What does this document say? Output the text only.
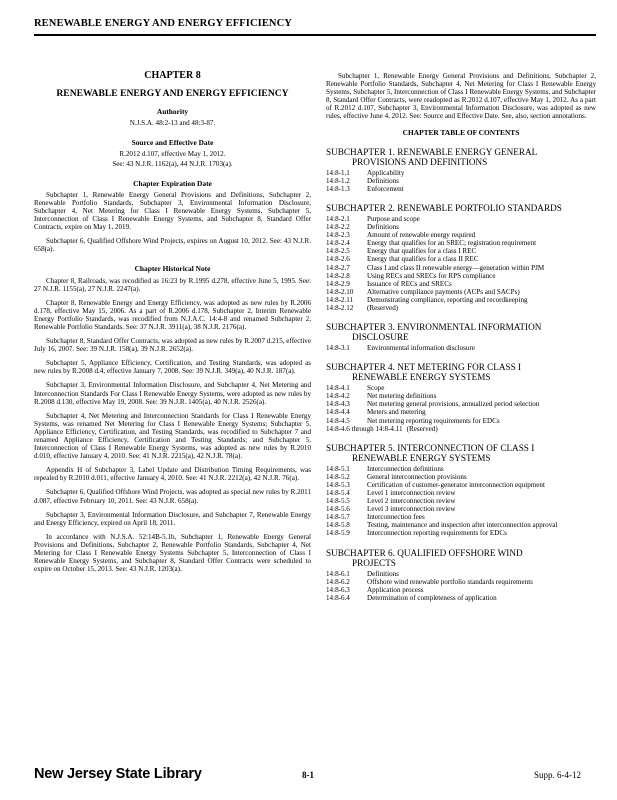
RENEWABLE ENERGY AND ENERGY EFFICIENCY
CHAPTER 8
RENEWABLE ENERGY AND ENERGY EFFICIENCY
Authority
N.J.S.A. 48:2-13 and 48:3-87.
Source and Effective Date
R.2012 d.107, effective May 1, 2012.
See: 43 N.J.R. 1162(a), 44 N.J.R. 1703(a).
Chapter Expiration Date

Subchapter 1, Renewable Energy General Provisions and Definitions, Subchapter 2, Renewable Portfolio Standards, Subchapter 3, Environmental Information Disclosure, Subchapter 4, Net Metering for Class I Renewable Energy Systems, Subchapter 5, Interconnection of Class I Renewable Energy Systems, and Subchapter 8, Standard Offer Contracts, expire on May 1, 2019.

Subchapter 6, Qualified Offshore Wind Projects, expires on August 10, 2012. See: 43 N.J.R. 658(a).

Chapter Historical Note

Chapter 8, Railroads, was recodified as 16:23 by R.1995 d.278, effective June 5, 1995. See: 27 N.J.R. 1155(a), 27 N.J.R. 2247(a).

Chapter 8, Renewable Energy and Energy Efficiency, was adopted as new rules by R.2006 d.178, effective May 15, 2006. As a part of R.2006 d.178, Subchapter 2, Interim Renewable Energy Portfolio Standards, was recodified from N.J.A.C. 14:4-8 and renamed Subchapter 2, Renewable Portfolio Standards. See: 37 N.J.R. 3911(a), 38 N.J.R. 2176(a).

Subchapter 8, Standard Offer Contracts, was adopted as new rules by R.2007 d.215, effective July 16, 2007. See: 39 N.J.R. 158(a), 39 N.J.R. 2652(a).

Subchapter 5, Appliance Efficiency, Certification, and Testing Standards, was adopted as new rules by R.2008 d.4, effective January 7, 2008. See: 39 N.J.R. 349(a), 40 N.J.R. 187(a).

Subchapter 3, Environmental Information Disclosure, and Subchapter 4, Net Metering and Interconnection Standards For Class I Renewable Energy Systems, were adopted as new rules by R.2008 d.130, effective May 19, 2008. See: 39 N.J.R. 1405(a), 40 N.J.R. 2526(a).

Subchapter 4, Net Metering and Interconnection Standards for Class I Renewable Energy Systems, was renamed Net Metering for Class I Renewable Energy Systems; Subchapter 5, Appliance Efficiency, Certification, and Testing Standards, was recodified to Subchapter 7 and renamed Appliance Efficiency, Certification and Testing Standards; and Subchapter 5, Interconnection of Class I Renewable Energy Systems, was adopted as new rules by R.2010 d.010, effective January 4, 2010. See: 41 N.J.R. 2215(a), 42 N.J.R. 78(a).

Appendix H of Subchapter 3, Label Update and Distribution Timing Requirements, was repealed by R.2010 d.011, effective January 4, 2010. See: 41 N.J.R. 2212(a), 42 N.J.R. 76(a).

Subchapter 6, Qualified Offshore Wind Projects, was adopted as special new rules by R.2011 d.087, effective February 10, 2011. See: 43 N.J.R. 658(a).

Subchapter 3, Environmental Information Disclosure, and Subchapter 7, Renewable Energy and Energy Efficiency, expired on April 18, 2011.

In accordance with N.J.S.A. 52:14B-5.1b, Subchapter 1, Renewable Energy General Provisions and Definitions, Subchapter 2, Renewable Portfolio Standards, Subchapter 4, Net Metering for Class I Renewable Energy Systems Subchapter 5, Interconnection of Class I Renewable Energy Systems, and Subchapter 8, Standard Offer Contracts were scheduled to expire on October 15, 2013. See: 43 N.J.R. 1203(a).

Subchapter 1, Renewable Energy General Provisions and Definitions, Subchapter 2, Renewable Portfolio Standards, Subchapter 4, Net Metering for Class I Renewable Energy Systems, Subchapter 5, Interconnection of Class I Renewable Energy Systems, and Subchapter 8, Standard Offer Contracts, were readopted as R.2012 d.107, effective May 1, 2012. As a part of R.2012 d.107, Subchapter 3, Environmental Information Disclosure, was adopted as new rules, effective June 4, 2012. See: Source and Effective Date. See, also, section annotations.

CHAPTER TABLE OF CONTENTS
SUBCHAPTER 1. RENEWABLE ENERGY GENERAL
PROVISIONS AND DEFINITIONS
14:8-1.1	Applicability
14:8-1.2	Definitions
14:8-1.3	Enforcement
SUBCHAPTER 2. RENEWABLE PORTFOLIO STANDARDS
14:8-2.1	Purpose and scope
14:8-2.2	Definitions
14:8-2.3	Amount of renewable energy required
14:8-2.4	Energy that qualifies for an SREC; registration requirement
14:8-2.5	Energy that qualifies for a class I REC
14:8-2.6	Energy that qualifies for a class II REC
14:8-2.7	Class I and class II renewable energy—generation within PJM
14:8-2.8	Using RECs and SRECs for RPS compliance
14:8-2.9	Issuance of RECs and SRECs
14:8-2.10	Alternative compliance payments (ACPs and SACPs)
14:8-2.11	Demonstrating compliance, reporting and recordkeeping
14:8-2.12	(Reserved)
SUBCHAPTER 3. ENVIRONMENTAL INFORMATION
DISCLOSURE
14:8-3.1	Environmental information disclosure
SUBCHAPTER 4. NET METERING FOR CLASS I
RENEWABLE ENERGY SYSTEMS
14:8-4.1	Scope
14:8-4.2	Net metering definitions
14:8-4.3	Net metering general provisions, annualized period selection
14:8-4.4	Meters and metering
14:8-4.5	Net metering reporting requirements for EDCs
14:8-4.6 through 14:8-4.11 (Reserved)
SUBCHAPTER 5. INTERCONNECTION OF CLASS I
RENEWABLE ENERGY SYSTEMS
14:8-5.1	Interconnection definitions
14:8-5.2	General interconnection provisions
14:8-5.3	Certification of customer-generator interconnection equipment
14:8-5.4	Level 1 interconnection review
14:8-5.5	Level 2 interconnection review
14:8-5.6	Level 3 interconnection review
14:8-5.7	Interconnection fees
14:8-5.8	Testing, maintenance and inspection after interconnection approval
14:8-5.9	Interconnection reporting requirements for EDCs
SUBCHAPTER 6. QUALIFIED OFFSHORE WIND
PROJECTS
14:8-6.1	Definitions
14:8-6.2	Offshore wind renewable portfolio standards requirements
14:8-6.3	Application process
14:8-6.4	Determination of completeness of application
New Jersey State Library	8-1	Supp. 6-4-12
